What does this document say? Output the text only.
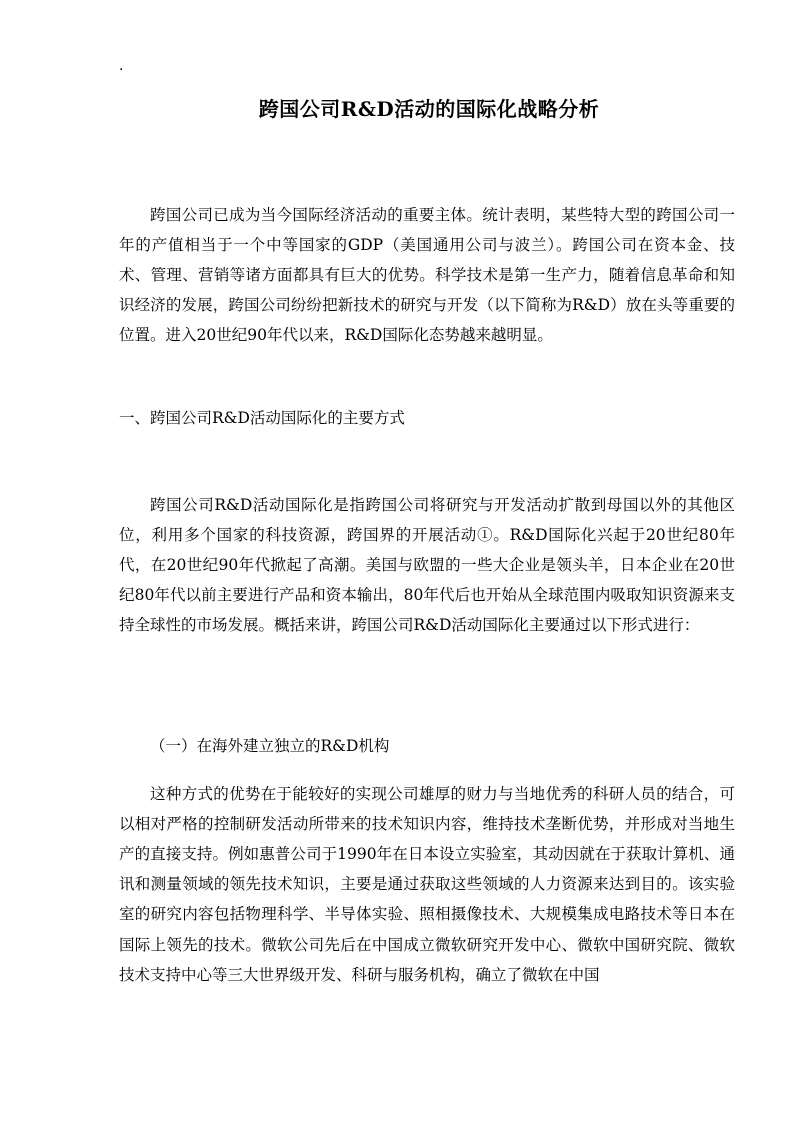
.
跨国公司R&D活动的国际化战略分析

跨国公司已成为当今国际经济活动的重要主体。统计表明，某些特大型的跨国公司一年的产值相当于一个中等国家的GDP（美国通用公司与波兰）。跨国公司在资本金、技术、管理、营销等诸方面都具有巨大的优势。科学技术是第一生产力，随着信息革命和知识经济的发展，跨国公司纷纷把新技术的研究与开发（以下简称为R&D）放在头等重要的位置。进入20世纪90年代以来，R&D国际化态势越来越明显。

一、跨国公司R&D活动国际化的主要方式

跨国公司R&D活动国际化是指跨国公司将研究与开发活动扩散到母国以外的其他区位，利用多个国家的科技资源，跨国界的开展活动①。R&D国际化兴起于20世纪80年代，在20世纪90年代掀起了高潮。美国与欧盟的一些大企业是领头羊，日本企业在20世纪80年代以前主要进行产品和资本输出，80年代后也开始从全球范围内吸取知识资源来支持全球性的市场发展。概括来讲，跨国公司R&D活动国际化主要通过以下形式进行：

（一）在海外建立独立的R&D机构

这种方式的优势在于能较好的实现公司雄厚的财力与当地优秀的科研人员的结合，可以相对严格的控制研发活动所带来的技术知识内容，维持技术垄断优势，并形成对当地生产的直接支持。例如惠普公司于1990年在日本设立实验室，其动因就在于获取计算机、通讯和测量领域的领先技术知识，主要是通过获取这些领域的人力资源来达到目的。该实验室的研究内容包括物理科学、半导体实验、照相摄像技术、大规模集成电路技术等日本在国际上领先的技术。微软公司先后在中国成立微软研究开发中心、微软中国研究院、微软技术支持中心等三大世界级开发、科研与服务机构，确立了微软在中国
